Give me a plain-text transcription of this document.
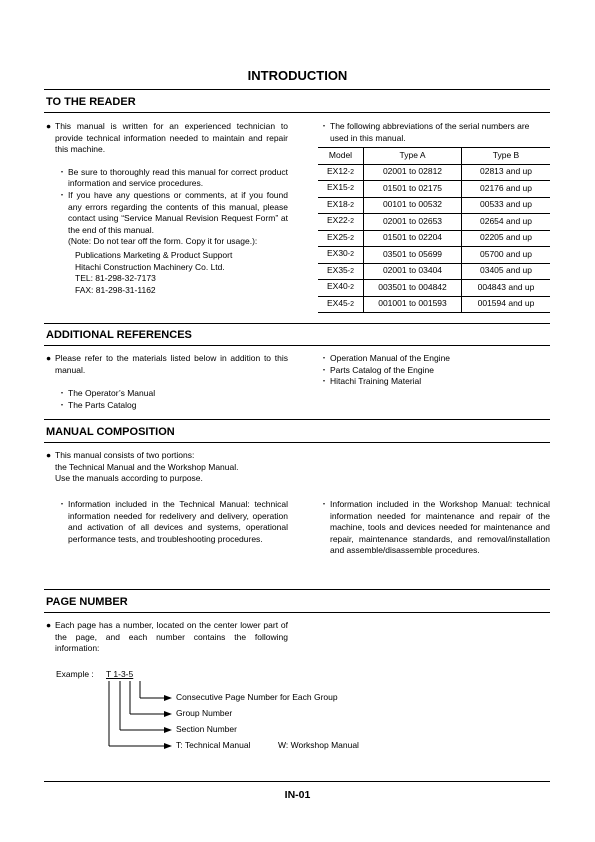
INTRODUCTION
TO THE READER
● This manual is written for an experienced technician to provide technical information needed to maintain and repair this machine.
・ Be sure to thoroughly read this manual for correct product information and service procedures.
・ If you have any questions or comments, at if you found any errors regarding the contents of this manual, please contact using “Service Manual Revision Request Form” at the end of this manual.
(Note: Do not tear off the form. Copy it for usage.):
Publications Marketing & Product Support
Hitachi Construction Machinery Co. Ltd.
TEL: 81-298-32-7173
FAX: 81-298-31-1162
・ The following abbreviations of the serial numbers are used in this manual.
Model	Type A	Type B
EX12-2	02001 to 02812	02813 and up
EX15-2	01501 to 02175	02176 and up
EX18-2	00101 to 00532	00533 and up
EX22-2	02001 to 02653	02654 and up
EX25-2	01501 to 02204	02205 and up
EX30-2	03501 to 05699	05700 and up
EX35-2	02001 to 03404	03405 and up
EX40-2	003501 to 004842	004843 and up
EX45-2	001001 to 001593	001594 and up
ADDITIONAL REFERENCES
● Please refer to the materials listed below in addition to this manual.
・ The Operator’s Manual
・ The Parts Catalog
・ Operation Manual of the Engine
・ Parts Catalog of the Engine
・ Hitachi Training Material
MANUAL COMPOSITION
● This manual consists of two portions:
the Technical Manual and the Workshop Manual.
Use the manuals according to purpose.
・ Information included in the Technical Manual: technical information needed for redelivery and delivery, operation and activation of all devices and systems, operational performance tests, and troubleshooting procedures.
・ Information included in the Workshop Manual: technical information needed for maintenance and repair of the machine, tools and devices needed for maintenance and repair, maintenance standards, and removal/installation and assemble/disassemble procedures.
PAGE NUMBER
● Each page has a number, located on the center lower part of the page, and each number contains the following information:
Example : T 1-3-5
Consecutive Page Number for Each Group
Group Number
Section Number
T: Technical Manual	W: Workshop Manual
IN-01
